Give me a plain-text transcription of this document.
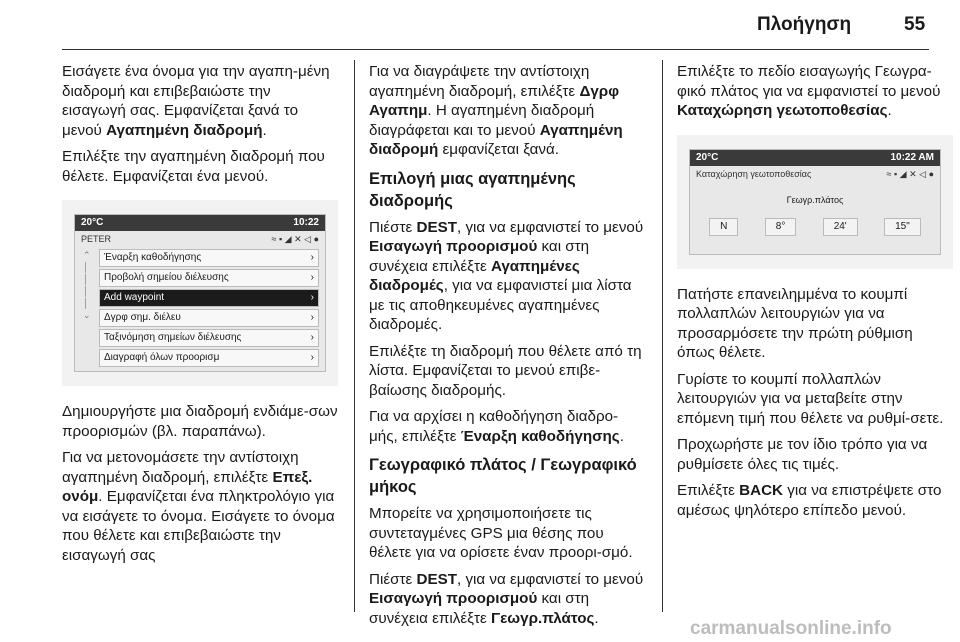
Πλοήγηση	55

Εισάγετε ένα όνομα για την αγαπη-μένη διαδρομή και επιβεβαιώστε την εισαγωγή σας. Εμφανίζεται ξανά το μενού Αγαπημένη διαδρομή.

Επιλέξτε την αγαπημένη διαδρομή που θέλετε. Εμφανίζεται ένα μενού.

20°C	10:22
PETER	≈ ▪ ◢ ✕ ◁ ●
⌃
│
│
│
│
⌄
Έναρξη καθοδήγησης	›
Προβολή σημείου διέλευσης	›
Add waypoint	›
Δγρφ σημ. διέλευ	›
Ταξινόμηση σημείων διέλευσης	›
Διαγραφή όλων προορισμ	›

Δημιουργήστε μια διαδρομή ενδιάμε-σων προορισμών (βλ. παραπάνω).

Για να μετονομάσετε την αντίστοιχη αγαπημένη διαδρομή, επιλέξτε Επεξ. ονόμ. Εμφανίζεται ένα πληκτρολόγιο για να εισάγετε το όνομα. Εισάγετε το όνομα που θέλετε και επιβεβαιώστε την εισαγωγή σας

Για να διαγράψετε την αντίστοιχη αγαπημένη διαδρομή, επιλέξτε Δγρφ Αγαπημ. Η αγαπημένη διαδρομή διαγράφεται και το μενού Αγαπημένη διαδρομή εμφανίζεται ξανά.

Επιλογή μιας αγαπημένης διαδρομής

Πιέστε DEST, για να εμφανιστεί το μενού Εισαγωγή προορισμού και στη συνέχεια επιλέξτε Αγαπημένες διαδρομές, για να εμφανιστεί μια λίστα με τις αποθηκευμένες αγαπημένες διαδρομές.

Επιλέξτε τη διαδρομή που θέλετε από τη λίστα. Εμφανίζεται το μενού επιβε-βαίωσης διαδρομής.

Για να αρχίσει η καθοδήγηση διαδρο-μής, επιλέξτε Έναρξη καθοδήγησης.

Γεωγραφικό πλάτος / Γεωγραφικό μήκος

Μπορείτε να χρησιμοποιήσετε τις συντεταγμένες GPS μια θέσης που θέλετε για να ορίσετε έναν προορι-σμό.

Πιέστε DEST, για να εμφανιστεί το μενού Εισαγωγή προορισμού και στη συνέχεια επιλέξτε Γεωγρ.πλάτος.

Επιλέξτε το πεδίο εισαγωγής Γεωγρα-φικό πλάτος για να εμφανιστεί το μενού Καταχώρηση γεωτοποθεσίας.

20°C	10:22 AM
Καταχώρηση γεωτοποθεσίας	≈ ▪ ◢ ✕ ◁ ●
Γεωγρ.πλάτος
N	8°	24'	15"

Πατήστε επανειλημμένα το κουμπί πολλαπλών λειτουργιών για να προσαρμόσετε την πρώτη ρύθμιση όπως θέλετε.

Γυρίστε το κουμπί πολλαπλών λειτουργιών για να μεταβείτε στην επόμενη τιμή που θέλετε να ρυθμί-σετε.

Προχωρήστε με τον ίδιο τρόπο για να ρυθμίσετε όλες τις τιμές.

Επιλέξτε BACK για να επιστρέψετε στο αμέσως ψηλότερο επίπεδο μενού.

carmanualsonline.info
